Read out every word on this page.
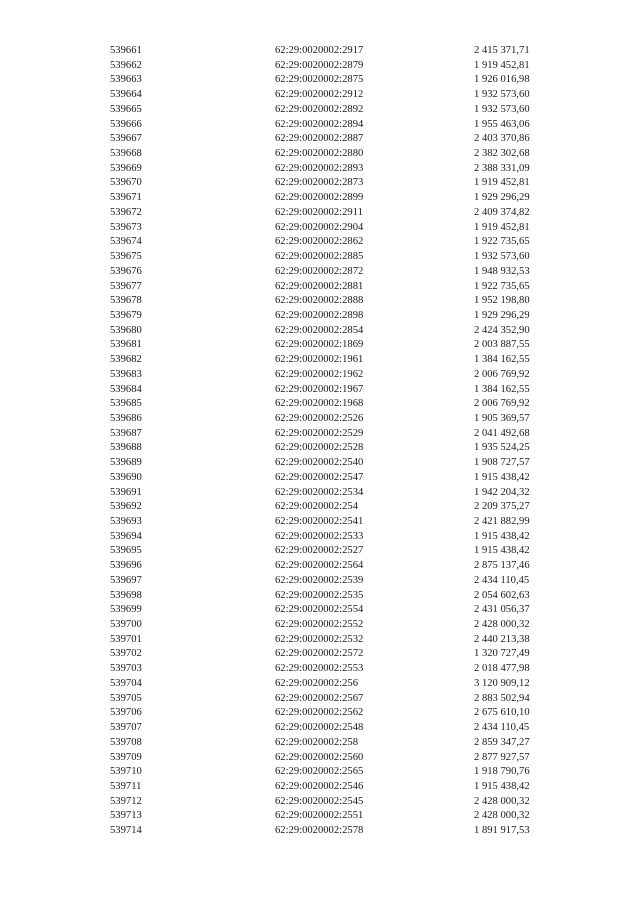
539661	62:29:0020002:2917	2 415 371,71
539662	62:29:0020002:2879	1 919 452,81
539663	62:29:0020002:2875	1 926 016,98
539664	62:29:0020002:2912	1 932 573,60
539665	62:29:0020002:2892	1 932 573,60
539666	62:29:0020002:2894	1 955 463,06
539667	62:29:0020002:2887	2 403 370,86
539668	62:29:0020002:2880	2 382 302,68
539669	62:29:0020002:2893	2 388 331,09
539670	62:29:0020002:2873	1 919 452,81
539671	62:29:0020002:2899	1 929 296,29
539672	62:29:0020002:2911	2 409 374,82
539673	62:29:0020002:2904	1 919 452,81
539674	62:29:0020002:2862	1 922 735,65
539675	62:29:0020002:2885	1 932 573,60
539676	62:29:0020002:2872	1 948 932,53
539677	62:29:0020002:2881	1 922 735,65
539678	62:29:0020002:2888	1 952 198,80
539679	62:29:0020002:2898	1 929 296,29
539680	62:29:0020002:2854	2 424 352,90
539681	62:29:0020002:1869	2 003 887,55
539682	62:29:0020002:1961	1 384 162,55
539683	62:29:0020002:1962	2 006 769,92
539684	62:29:0020002:1967	1 384 162,55
539685	62:29:0020002:1968	2 006 769,92
539686	62:29:0020002:2526	1 905 369,57
539687	62:29:0020002:2529	2 041 492,68
539688	62:29:0020002:2528	1 935 524,25
539689	62:29:0020002:2540	1 908 727,57
539690	62:29:0020002:2547	1 915 438,42
539691	62:29:0020002:2534	1 942 204,32
539692	62:29:0020002:254	2 209 375,27
539693	62:29:0020002:2541	2 421 882,99
539694	62:29:0020002:2533	1 915 438,42
539695	62:29:0020002:2527	1 915 438,42
539696	62:29:0020002:2564	2 875 137,46
539697	62:29:0020002:2539	2 434 110,45
539698	62:29:0020002:2535	2 054 602,63
539699	62:29:0020002:2554	2 431 056,37
539700	62:29:0020002:2552	2 428 000,32
539701	62:29:0020002:2532	2 440 213,38
539702	62:29:0020002:2572	1 320 727,49
539703	62:29:0020002:2553	2 018 477,98
539704	62:29:0020002:256	3 120 909,12
539705	62:29:0020002:2567	2 883 502,94
539706	62:29:0020002:2562	2 675 610,10
539707	62:29:0020002:2548	2 434 110,45
539708	62:29:0020002:258	2 859 347,27
539709	62:29:0020002:2560	2 877 927,57
539710	62:29:0020002:2565	1 918 790,76
539711	62:29:0020002:2546	1 915 438,42
539712	62:29:0020002:2545	2 428 000,32
539713	62:29:0020002:2551	2 428 000,32
539714	62:29:0020002:2578	1 891 917,53
